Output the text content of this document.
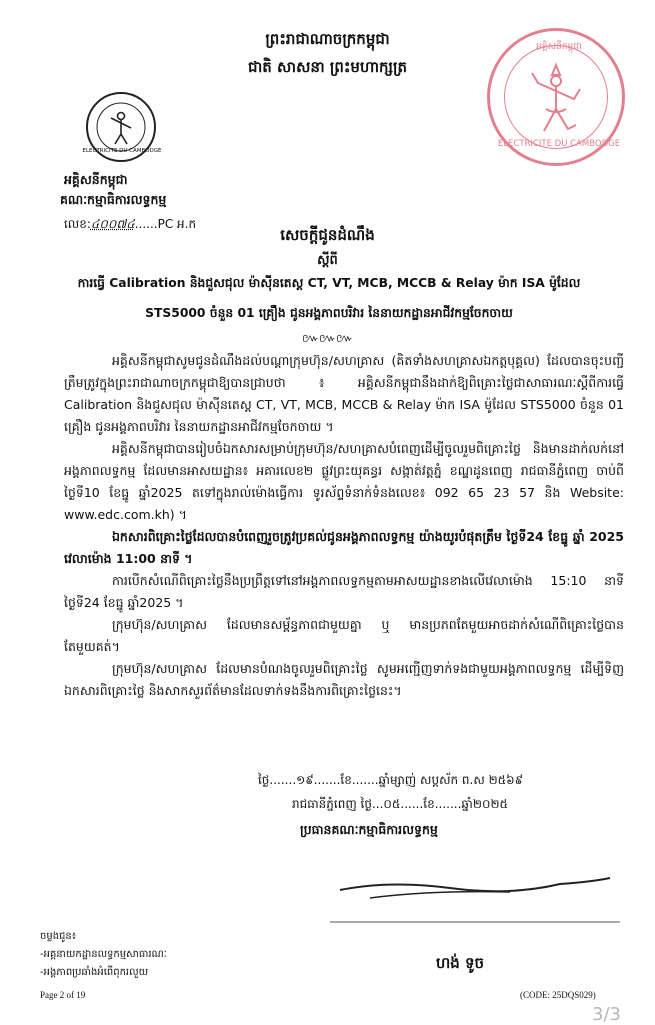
ព្រះរាជាណាចក្រកម្ពុជា
ជាតិ សាសនា ព្រះមហាក្សត្រ
អគ្គិសនីកម្ពុជា
ELECTRICITE DU CAMBODGE
ELECTRICITE DU CAMBODGE
អគ្គិសនីកម្ពុជា
គណៈកម្មាធិការលទ្ធកម្ម
លេខ:៤០០៧៤......PC អ.ក
សេចក្តីជូនដំណឹង
ស្តីពី
ការធ្វើ Calibration និងជួសជុល ម៉ាស៊ីនតេស្ត CT, VT, MCB, MCCB & Relay ម៉ាក ISA ម៉ូដែល
STS5000 ចំនួន 01 គ្រឿង ជូនអង្គភាពបរិវារ នៃនាយកដ្ឋានអាជីវកម្មចែកចាយ
៚៚៚

អគ្គិសនីកម្ពុជាសូមជូនដំណឹងដល់បណ្តាក្រុមហ៊ុន/សហគ្រាស (គិតទាំងសហគ្រាសឯកត្តបុគ្គល) ដែលបានចុះបញ្ជីត្រឹមត្រូវក្នុងព្រះរាជាណាចក្រកម្ពុជាឱ្យបានជ្រាបថា ៖ អគ្គិសនីកម្ពុជានឹងដាក់ឱ្យពិគ្រោះថ្លៃជាសាធារណៈស្តីពីការធ្វើ Calibration និងជួសជុល ម៉ាស៊ីនតេស្ត CT, VT, MCB, MCCB & Relay ម៉ាក ISA ម៉ូដែល STS5000 ចំនួន 01 គ្រឿង ជូនអង្គភាពបរិវារ នៃនាយកដ្ឋានអាជីវកម្មចែកចាយ ។

អគ្គិសនីកម្ពុជាបានរៀបចំឯកសារសម្រាប់ក្រុមហ៊ុន/សហគ្រាសបំពេញដើម្បីចូលរួមពិគ្រោះថ្លៃ និងមានដាក់លក់នៅអង្គភាពលទ្ធកម្ម ដែលមានអាសយដ្ឋាន៖ អគារលេខ២ ផ្លូវព្រះយុគន្ធរ សង្កាត់វត្តភ្នំ ខណ្ឌដូនពេញ រាជធានីភ្នំពេញ ចាប់ពីថ្ងៃទី10 ខែធ្នូ ឆ្នាំ2025 តទៅក្នុងរាល់ម៉ោងធ្វើការ ទូរស័ព្ទទំនាក់ទំនងលេខ៖ 092 65 23 57 និង Website: www.edc.com.kh) ។

ឯកសារពិគ្រោះថ្លៃដែលបានបំពេញរួចត្រូវប្រគល់ជូនអង្គភាពលទ្ធកម្ម យ៉ាងយូរបំផុតត្រឹម ថ្ងៃទី24 ខែធ្នូ ឆ្នាំ 2025 វេលាម៉ោង 11:00 នាទី ។

ការបើកសំណើពិគ្រោះថ្លៃនឹងប្រព្រឹត្តទៅនៅអង្គភាពលទ្ធកម្មតាមអាសយដ្ឋានខាងលើវេលាម៉ោង 15:10 នាទី ថ្ងៃទី24 ខែធ្នូ ឆ្នាំ2025 ។

ក្រុមហ៊ុន/សហគ្រាស ដែលមានសម្ព័ន្ធភាពជាមួយគ្នា ឬ មានប្រភពតែមួយអាចដាក់សំណើពិគ្រោះថ្លៃបានតែមួយគត់។

ក្រុមហ៊ុន/សហគ្រាស ដែលមានបំណងចូលរួមពិគ្រោះថ្លៃ សូមអញ្ជើញទាក់ទងជាមួយអង្គភាពលទ្ធកម្ម ដើម្បីទិញ ឯកសារពិគ្រោះថ្លៃ និងសាកសួរព័ត៌មានដែលទាក់ទងនឹងការពិគ្រោះថ្លៃនេះ។

ថ្ងៃ.......១៩.......ខែ.......ឆ្នាំម្សាញ់ សប្តស័ក ព.ស ២៥៦៩
រាជធានីភ្នំពេញ ថ្ងៃ...០៥......ខែ.......ឆ្នាំ២០២៥
ប្រធានគណៈកម្មាធិការលទ្ធកម្ម
ហង់ ទូច
ចម្លងជូន៖
-អគ្គនាយកដ្ឋានលទ្ធកម្មសាធារណៈ
-អង្គភាពប្រឆាំងអំពើពុករលួយ
Page 2 of 19	(CODE: 25DQS029)
3/3
